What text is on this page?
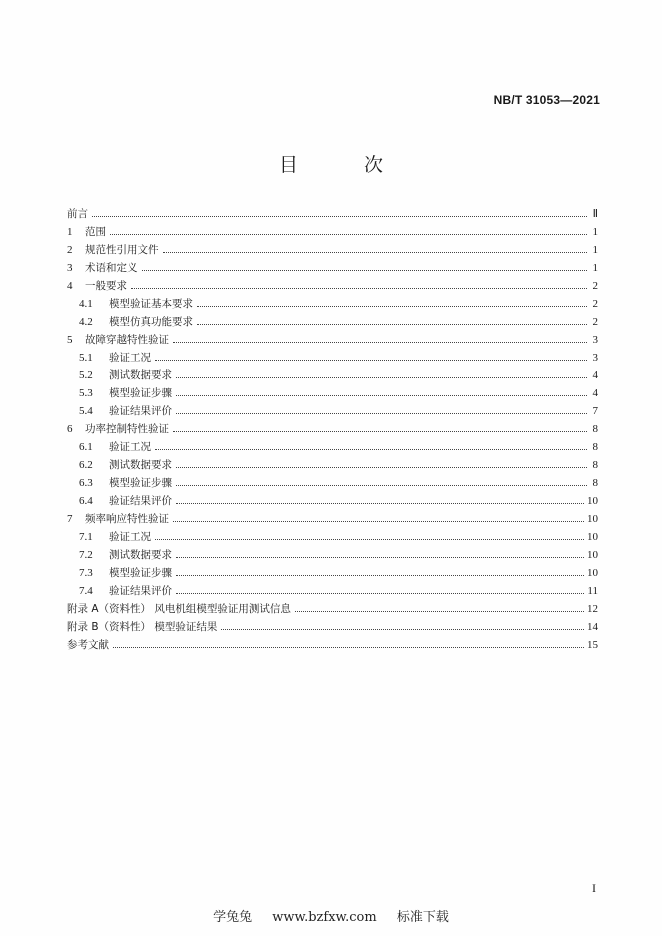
NB/T 31053—2021
目 次
前言	Ⅱ
1	范围	1
2	规范性引用文件	1
3	术语和定义	1
4	一般要求	2
4.1	模型验证基本要求	2
4.2	模型仿真功能要求	2
5	故障穿越特性验证	3
5.1	验证工况	3
5.2	测试数据要求	4
5.3	模型验证步骤	4
5.4	验证结果评价	7
6	功率控制特性验证	8
6.1	验证工况	8
6.2	测试数据要求	8
6.3	模型验证步骤	8
6.4	验证结果评价	10
7	频率响应特性验证	10
7.1	验证工况	10
7.2	测试数据要求	10
7.3	模型验证步骤	10
7.4	验证结果评价	11
附录 A（资料性） 风电机组模型验证用测试信息	12
附录 B（资料性） 模型验证结果	14
参考文献	15
I
学兔兔 www.bzfxw.com 标准下载
